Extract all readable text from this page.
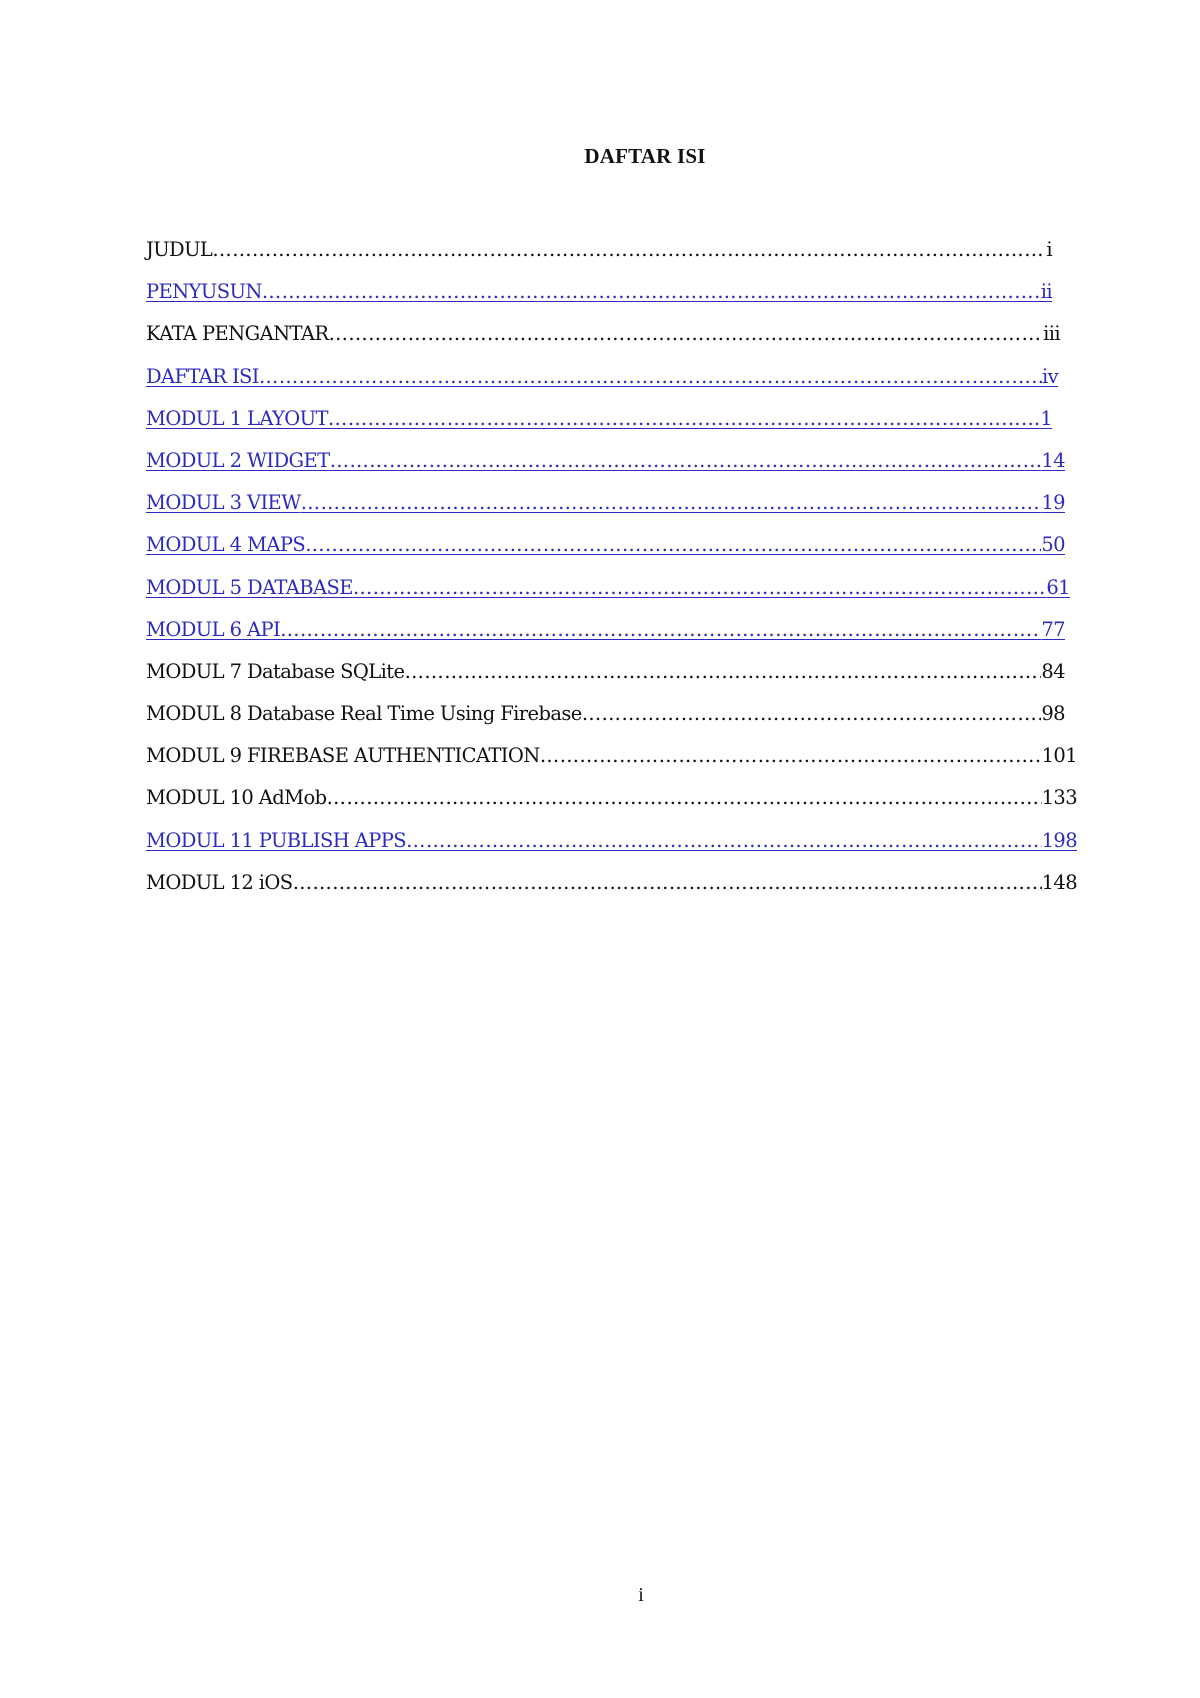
DAFTAR ISI
JUDUL ……………………………………………………………………………………………………………………………………………………………………………………………………………………	i
PENYUSUN ……………………………………………………………………………………………………………………………………………………………………………………………………………………	ii
KATA PENGANTAR ……………………………………………………………………………………………………………………………………………………………………………………………………………………	iii
DAFTAR ISI ……………………………………………………………………………………………………………………………………………………………………………………………………………………	iv
MODUL 1 LAYOUT ……………………………………………………………………………………………………………………………………………………………………………………………………………………	1
MODUL 2 WIDGET ……………………………………………………………………………………………………………………………………………………………………………………………………………………	14
MODUL 3 VIEW ……………………………………………………………………………………………………………………………………………………………………………………………………………………	19
MODUL 4 MAPS ……………………………………………………………………………………………………………………………………………………………………………………………………………………	50
MODUL 5 DATABASE ……………………………………………………………………………………………………………………………………………………………………………………………………………………	61
MODUL 6 API ……………………………………………………………………………………………………………………………………………………………………………………………………………………	77
MODUL 7 Database SQLite ……………………………………………………………………………………………………………………………………………………………………………………………………………………	84
MODUL 8 Database Real Time Using Firebase ……………………………………………………………………………………………………………………………………………………………………………………………………………………	98
MODUL 9 FIREBASE AUTHENTICATION ……………………………………………………………………………………………………………………………………………………………………………………………………………………	101
MODUL 10 AdMob ……………………………………………………………………………………………………………………………………………………………………………………………………………………	133
MODUL 11 PUBLISH APPS ……………………………………………………………………………………………………………………………………………………………………………………………………………………	198
MODUL 12 iOS ……………………………………………………………………………………………………………………………………………………………………………………………………………………	148
i
